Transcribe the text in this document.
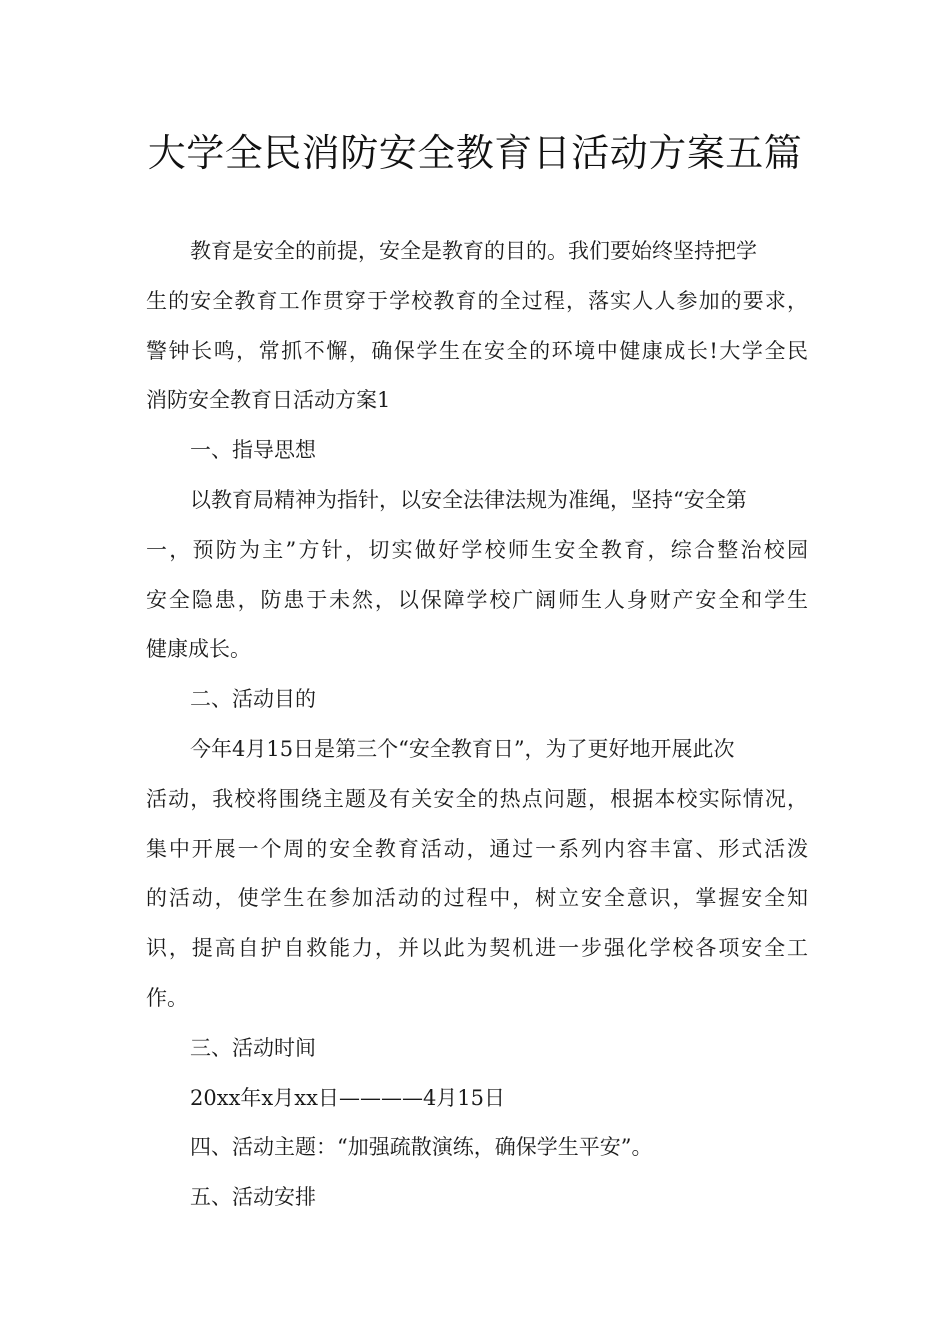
大学全民消防安全教育日活动方案五篇
教育是安全的前提，安全是教育的目的。我们要始终坚持把学
生的安全教育工作贯穿于学校教育的全过程，落实人人参加的要求，
警钟长鸣，常抓不懈，确保学生在安全的环境中健康成长!大学全民
消防安全教育日活动方案1
一、指导思想
以教育局精神为指针，以安全法律法规为准绳，坚持“安全第
一，预防为主”方针，切实做好学校师生安全教育，综合整治校园
安全隐患，防患于未然，以保障学校广阔师生人身财产安全和学生
健康成长。
二、活动目的
今年4月15日是第三个“安全教育日”，为了更好地开展此次
活动，我校将围绕主题及有关安全的热点问题，根据本校实际情况，
集中开展一个周的安全教育活动，通过一系列内容丰富、形式活泼
的活动，使学生在参加活动的过程中，树立安全意识，掌握安全知
识，提高自护自救能力，并以此为契机进一步强化学校各项安全工
作。
三、活动时间
20xx年x月xx日————4月15日
四、活动主题：“加强疏散演练，确保学生平安”。
五、活动安排
